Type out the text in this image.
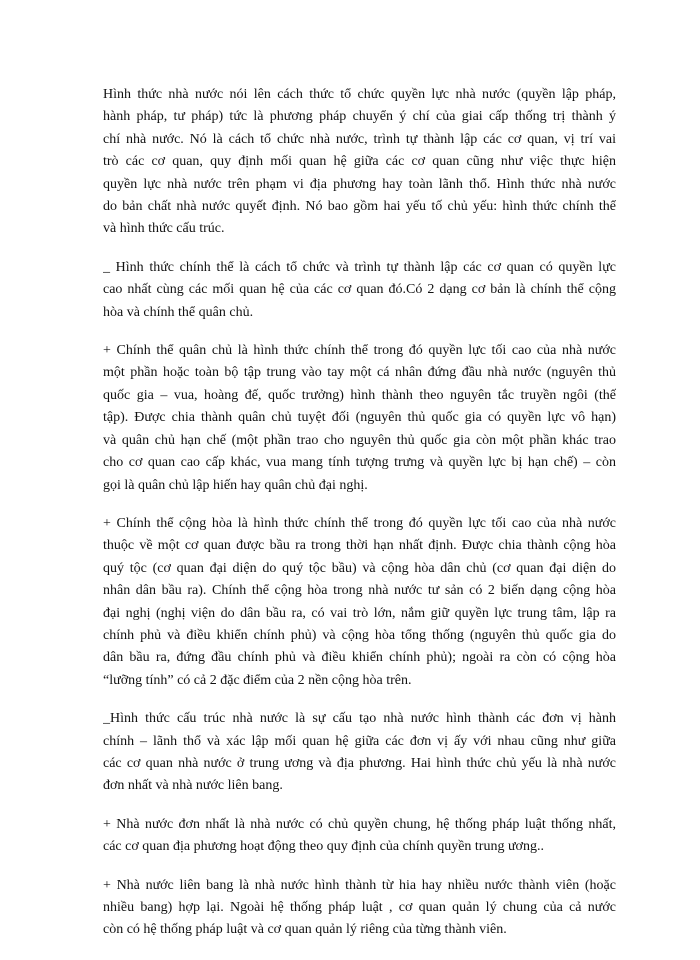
Hình thức nhà nước nói lên cách thức tổ chức quyền lực nhà nước (quyền lập pháp,
hành pháp, tư pháp) tức là phương pháp chuyển ý chí của giai cấp thống trị thành ý
chí nhà nước. Nó là cách tổ chức nhà nước, trình tự thành lập các cơ quan, vị trí vai
trò các cơ quan, quy định mối quan hệ giữa các cơ quan cũng như việc thực hiện
quyền lực nhà nước trên phạm vi địa phương hay toàn lãnh thổ. Hình thức nhà nước
do bản chất nhà nước quyết định. Nó bao gồm hai yếu tố chủ yếu: hình thức chính thể
và hình thức cấu trúc.
_ Hình thức chính thể là cách tổ chức và trình tự thành lập các cơ quan có quyền lực
cao nhất cùng các mối quan hệ của các cơ quan đó.Có 2 dạng cơ bản là chính thể cộng
hòa và chính thể quân chủ.
+ Chính thể quân chủ là hình thức chính thể trong đó quyền lực tối cao của nhà nước
một phần hoặc toàn bộ tập trung vào tay một cá nhân đứng đầu nhà nước (nguyên thủ
quốc gia – vua, hoàng đế, quốc trưởng) hình thành theo nguyên tắc truyền ngôi (thế
tập). Được chia thành quân chủ tuyệt đối (nguyên thủ quốc gia có quyền lực vô hạn)
và quân chủ hạn chế (một phần trao cho nguyên thủ quốc gia còn một phần khác trao
cho cơ quan cao cấp khác, vua mang tính tượng trưng và quyền lực bị hạn chế) – còn
gọi là quân chủ lập hiến hay quân chủ đại nghị.
+ Chính thể cộng hòa là hình thức chính thể trong đó quyền lực tối cao của nhà nước
thuộc về một cơ quan được bầu ra trong thời hạn nhất định. Được chia thành cộng hòa
quý tộc (cơ quan đại diện do quý tộc bầu) và cộng hòa dân chủ (cơ quan đại diện do
nhân dân bầu ra). Chính thể cộng hòa trong nhà nước tư sản có 2 biến dạng cộng hòa
đại nghị (nghị viện do dân bầu ra, có vai trò lớn, nắm giữ quyền lực trung tâm, lập ra
chính phủ và điều khiển chính phủ) và cộng hòa tổng thống (nguyên thủ quốc gia do
dân bầu ra, đứng đầu chính phủ và điều khiển chính phủ); ngoài ra còn có cộng hòa
“lưỡng tính” có cả 2 đặc điểm của 2 nền cộng hòa trên.
_Hình thức cấu trúc nhà nước là sự cấu tạo nhà nước hình thành các đơn vị hành
chính – lãnh thổ và xác lập mối quan hệ giữa các đơn vị ấy với nhau cũng như giữa
các cơ quan nhà nước ở trung ương và địa phương. Hai hình thức chủ yếu là nhà nước
đơn nhất và nhà nước liên bang.
+ Nhà nước đơn nhất là nhà nước có chủ quyền chung, hệ thống pháp luật thống nhất,
các cơ quan địa phương hoạt động theo quy định của chính quyền trung ương..
+ Nhà nước liên bang là nhà nước hình thành từ hia hay nhiều nước thành viên (hoặc
nhiều bang) hợp lại. Ngoài hệ thống pháp luật , cơ quan quản lý chung của cả nước
còn có hệ thống pháp luật và cơ quan quản lý riêng của từng thành viên.
